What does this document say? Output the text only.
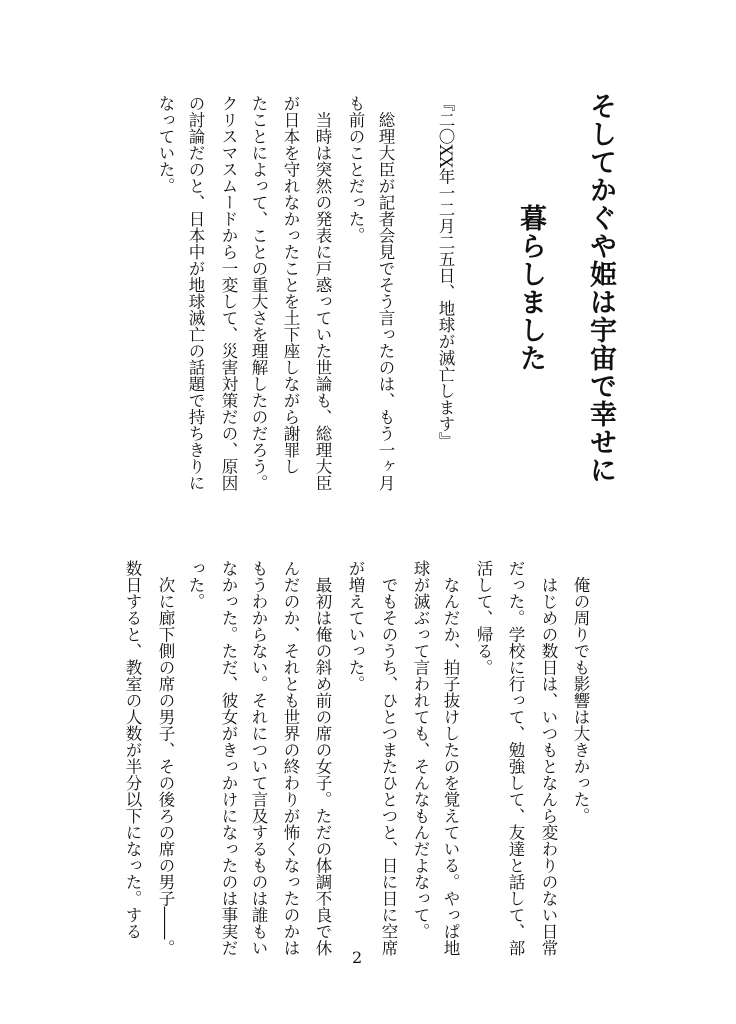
そしてかぐや姫は宇宙で幸せに
暮らしました
『二〇XX年一二月二五日、地球が滅亡します』
　総理大臣が記者会見でそう言ったのは、もう一ヶ月
も前のことだった。
　当時は突然の発表に戸惑っていた世論も、総理大臣
が日本を守れなかったことを土下座しながら謝罪し
たことによって、ことの重大さを理解したのだろう。
クリスマスムードから一変して、災害対策だの、原因
の討論だのと、日本中が地球滅亡の話題で持ちきりに
なっていた。
　俺の周りでも影響は大きかった。
　はじめの数日は、いつもとなんら変わりのない日常
だった。学校に行って、勉強して、友達と話して、部
活して、帰る。
　なんだか、拍子抜けしたのを覚えている。やっぱ地
球が滅ぶって言われても、そんなもんだよなって。
　でもそのうち、ひとつまたひとつと、日に日に空席
が増えていった。
　最初は俺の斜め前の席の女子。ただの体調不良で休
んだのか、それとも世界の終わりが怖くなったのかは
もうわからない。それについて言及するものは誰もい
なかった。ただ、彼女がきっかけになったのは事実だ
った。
　次に廊下側の席の男子、その後ろの席の男子――。
数日すると、教室の人数が半分以下になった。する
2
